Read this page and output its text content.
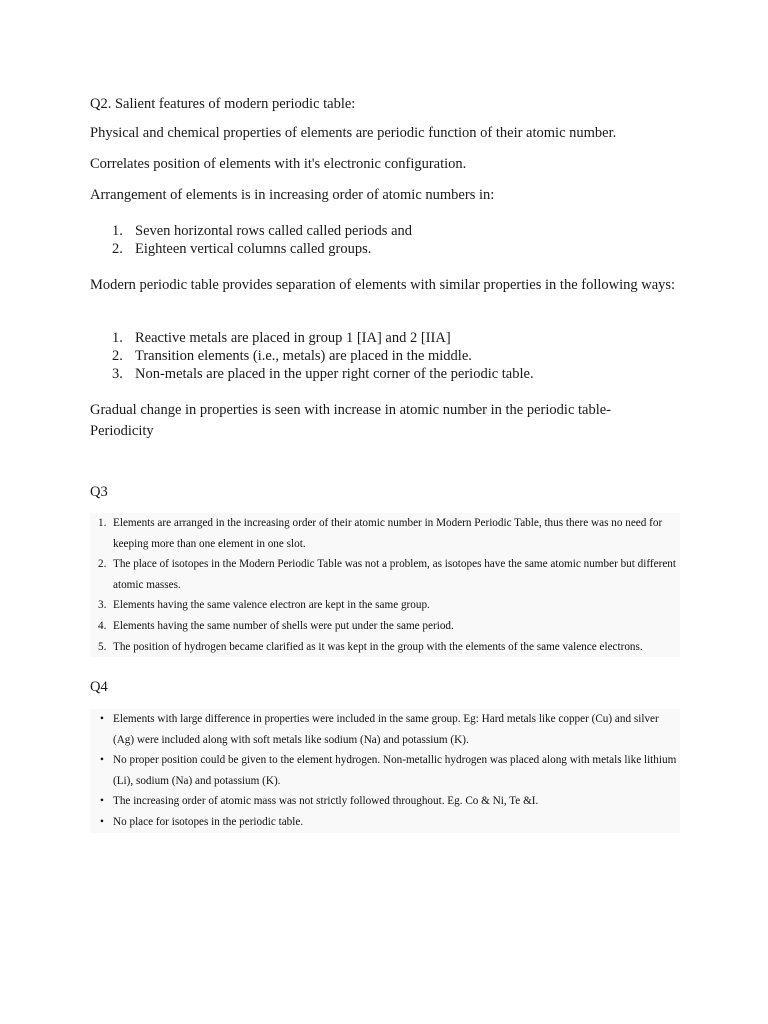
Q2. Salient features of modern periodic table:

Physical and chemical properties of elements are periodic function of their atomic number.

Correlates position of elements with it's electronic configuration.

Arrangement of elements is in increasing order of atomic numbers in:

1. Seven horizontal rows called called periods and
2. Eighteen vertical columns called groups.

Modern periodic table provides separation of elements with similar properties in the following ways:

1. Reactive metals are placed in group 1 [IA] and 2 [IIA]
2. Transition elements (i.e., metals) are placed in the middle.
3. Non-metals are placed in the upper right corner of the periodic table.

Gradual change in properties is seen with increase in atomic number in the periodic table-Periodicity

Q3

1. Elements are arranged in the increasing order of their atomic number in Modern Periodic Table, thus there was no need for keeping more than one element in one slot.
2. The place of isotopes in the Modern Periodic Table was not a problem, as isotopes have the same atomic number but different atomic masses.
3. Elements having the same valence electron are kept in the same group.
4. Elements having the same number of shells were put under the same period.
5. The position of hydrogen became clarified as it was kept in the group with the elements of the same valence electrons.

Q4

• Elements with large difference in properties were included in the same group. Eg: Hard metals like copper (Cu) and silver (Ag) were included along with soft metals like sodium (Na) and potassium (K).
• No proper position could be given to the element hydrogen. Non-metallic hydrogen was placed along with metals like lithium (Li), sodium (Na) and potassium (K).
• The increasing order of atomic mass was not strictly followed throughout. Eg. Co & Ni, Te &I.
• No place for isotopes in the periodic table.
